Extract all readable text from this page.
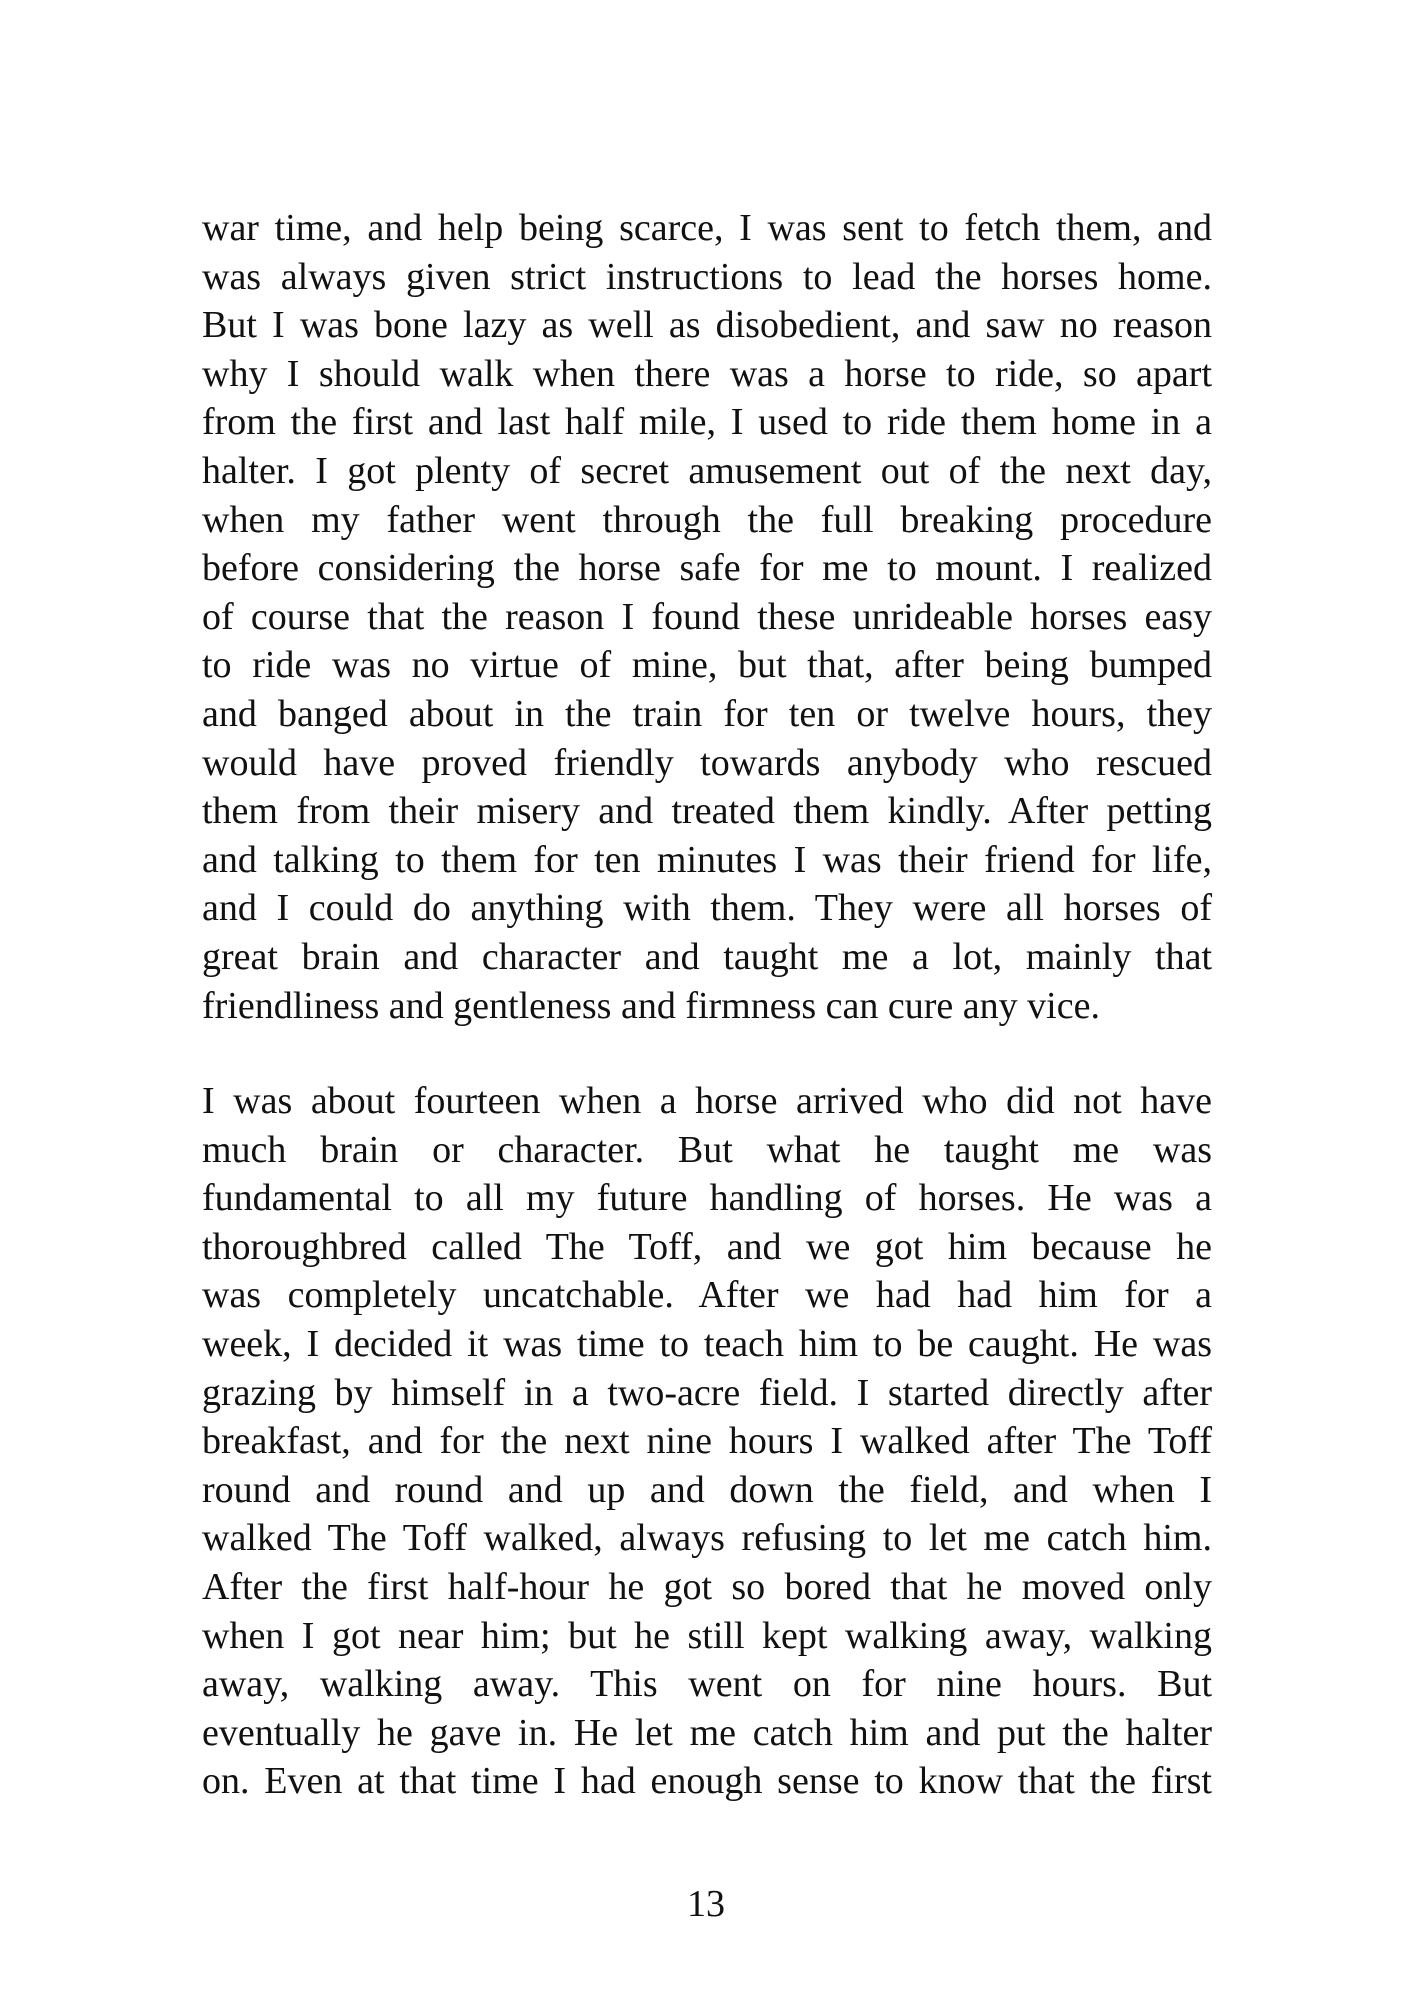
war time, and help being scarce, I was sent to fetch them, and
was always given strict instructions to lead the horses home.
But I was bone lazy as well as disobedient, and saw no reason
why I should walk when there was a horse to ride, so apart
from the first and last half mile, I used to ride them home in a
halter. I got plenty of secret amusement out of the next day,
when my father went through the full breaking procedure
before considering the horse safe for me to mount. I realized
of course that the reason I found these unrideable horses easy
to ride was no virtue of mine, but that, after being bumped
and banged about in the train for ten or twelve hours, they
would have proved friendly towards anybody who rescued
them from their misery and treated them kindly. After petting
and talking to them for ten minutes I was their friend for life,
and I could do anything with them. They were all horses of
great brain and character and taught me a lot, mainly that
friendliness and gentleness and firmness can cure any vice.
I was about fourteen when a horse arrived who did not have
much brain or character. But what he taught me was
fundamental to all my future handling of horses. He was a
thoroughbred called The Toff, and we got him because he
was completely uncatchable. After we had had him for a
week, I decided it was time to teach him to be caught. He was
grazing by himself in a two-acre field. I started directly after
breakfast, and for the next nine hours I walked after The Toff
round and round and up and down the field, and when I
walked The Toff walked, always refusing to let me catch him.
After the first half-hour he got so bored that he moved only
when I got near him; but he still kept walking away, walking
away, walking away. This went on for nine hours. But
eventually he gave in. He let me catch him and put the halter
on. Even at that time I had enough sense to know that the first
13
